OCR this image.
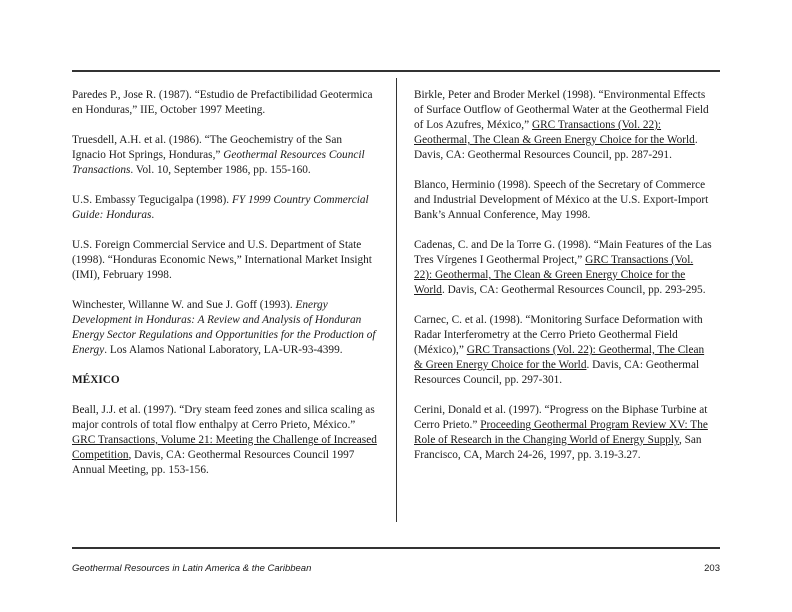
Paredes P., Jose R. (1987). “Estudio de Prefactibilidad Geotermica en Honduras,” IIE, October 1997 Meeting.

Truesdell, A.H. et al. (1986). “The Geochemistry of the San Ignacio Hot Springs, Honduras,” Geothermal Resources Council Transactions. Vol. 10, September 1986, pp. 155-160.

U.S. Embassy Tegucigalpa (1998). FY 1999 Country Commercial Guide: Honduras.

U.S. Foreign Commercial Service and U.S. Department of State (1998). “Honduras Economic News,” International Market Insight (IMI), February 1998.

Winchester, Willanne W. and Sue J. Goff (1993). Energy Development in Honduras: A Review and Analysis of Honduran Energy Sector Regulations and Opportunities for the Production of Energy. Los Alamos National Laboratory, LA-UR-93-4399.

MÉXICO

Beall, J.J. et al. (1997). “Dry steam feed zones and silica scaling as major controls of total flow enthalpy at Cerro Prieto, México.” GRC Transactions, Volume 21: Meeting the Challenge of Increased Competition, Davis, CA: Geothermal Resources Council 1997 Annual Meeting, pp. 153-156.

Birkle, Peter and Broder Merkel (1998). “Environmental Effects of Surface Outflow of Geothermal Water at the Geothermal Field of Los Azufres, México,” GRC Transactions (Vol. 22): Geothermal, The Clean & Green Energy Choice for the World. Davis, CA: Geothermal Resources Council, pp. 287-291.

Blanco, Herminio (1998). Speech of the Secretary of Commerce and Industrial Development of México at the U.S. Export-Import Bank’s Annual Conference, May 1998.

Cadenas, C. and De la Torre G. (1998). “Main Features of the Las Tres Vírgenes I Geothermal Project,” GRC Transactions (Vol. 22): Geothermal, The Clean & Green Energy Choice for the World. Davis, CA: Geothermal Resources Council, pp. 293-295.

Carnec, C. et al. (1998). “Monitoring Surface Deformation with Radar Interferometry at the Cerro Prieto Geothermal Field (México),” GRC Transactions (Vol. 22): Geothermal, The Clean & Green Energy Choice for the World. Davis, CA: Geothermal Resources Council, pp. 297-301.

Cerini, Donald et al. (1997). “Progress on the Biphase Turbine at Cerro Prieto.” Proceeding Geothermal Program Review XV: The Role of Research in the Changing World of Energy Supply, San Francisco, CA, March 24-26, 1997, pp. 3.19-3.27.

Geothermal Resources in Latin America & the Caribbean	203
